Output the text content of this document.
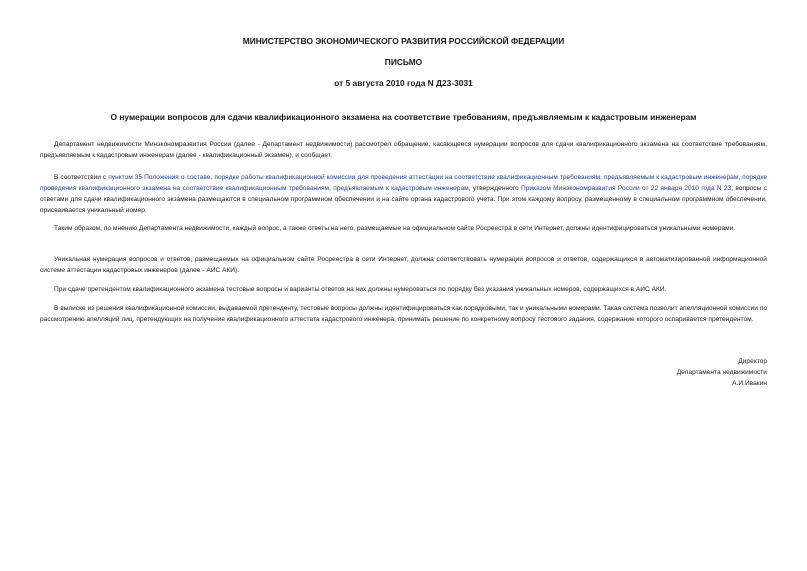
МИНИСТЕРСТВО ЭКОНОМИЧЕСКОГО РАЗВИТИЯ РОССИЙСКОЙ ФЕДЕРАЦИИ
ПИСЬМО
от 5 августа 2010 года N Д23-3031
О нумерации вопросов для сдачи квалификационного экзамена на соответствие требованиям, предъявляемым к кадастровым инженерам

Департамент недвижимости Минэкономразвития России (далее - Департамент недвижимости) рассмотрел обращение, касающееся нумерации вопросов для сдачи квалификационного экзамена на соответствие требованиям, предъявляемым к кадастровым инженерам (далее - квалификационный экзамен), и сообщает.

В соответствии с пунктом 35 Положения о составе, порядке работы квалификационной комиссии для проведения аттестации на соответствие квалификационным требованиям, предъявляемым к кадастровым инженерам, порядке проведения квалификационного экзамена на соответствие квалификационным требованиям, предъявляемым к кадастровым инженерам, утвержденного Приказом Минэкономразвития России от 22 января 2010 года N 23, вопросы с ответами для сдачи квалификационного экзамена размещаются в специальном программном обеспечении и на сайте органа кадастрового учета. При этом каждому вопросу, размещенному в специальном программном обеспечении, присваивается уникальный номер.

Таким образом, по мнению Департамента недвижимости, каждый вопрос, а также ответы на него, размещаемые на официальном сайте Росреестра в сети Интернет, должны идентифицироваться уникальными номерами.

Уникальная нумерация вопросов и ответов, размещаемых на официальном сайте Росреестра в сети Интернет, должна соответствовать нумерации вопросов и ответов, содержащихся в автоматизированной информационной системе аттестации кадастровых инженеров (далее - АИС АКИ).

При сдаче претендентом квалификационного экзамена тестовые вопросы и варианты ответов на них должны нумероваться по порядку без указания уникальных номеров, содержащихся в АИС АКИ.

В выписке из решения квалификационной комиссии, выдаваемой претенденту, тестовые вопросы должны идентифицироваться как порядковыми, так и уникальными номерами. Такая система позволит апелляционной комиссии по рассмотрению апелляций лиц, претендующих на получение квалификационного аттестата кадастрового инженера, принимать решение по конкретному вопросу тестового задания, содержание которого оспаривается претендентом.

Директор
Департамента недвижимости
А.И.Ивакин
